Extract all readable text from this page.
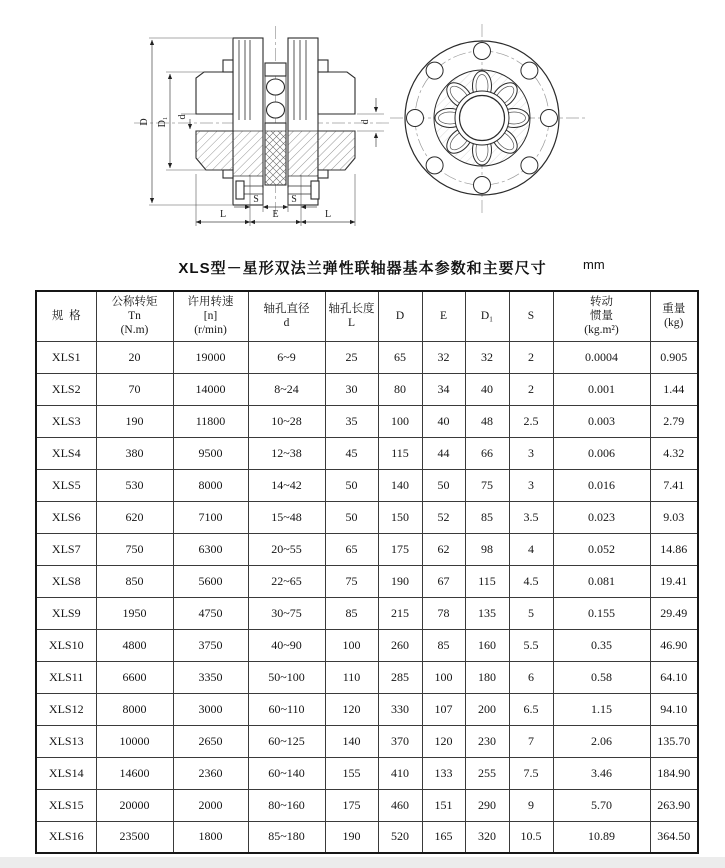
D D₁ d
d
S	S
L	E	L
XLS型－星形双法兰弹性联轴器基本参数和主要尺寸	mm
规  格

公称转矩
Tn
(N.m)

许用转速
[n]
(r/min)

轴孔直径
d

轴孔长度
L

D	E	D₁	S

转动
惯量
(kg.m²)

重量
(kg)

XLS1	20	19000	6~9	25	65	32	32	2	0.0004	0.905
XLS2	70	14000	8~24	30	80	34	40	2	0.001	1.44
XLS3	190	11800	10~28	35	100	40	48	2.5	0.003	2.79
XLS4	380	9500	12~38	45	115	44	66	3	0.006	4.32
XLS5	530	8000	14~42	50	140	50	75	3	0.016	7.41
XLS6	620	7100	15~48	50	150	52	85	3.5	0.023	9.03
XLS7	750	6300	20~55	65	175	62	98	4	0.052	14.86
XLS8	850	5600	22~65	75	190	67	115	4.5	0.081	19.41
XLS9	1950	4750	30~75	85	215	78	135	5	0.155	29.49
XLS10	4800	3750	40~90	100	260	85	160	5.5	0.35	46.90
XLS11	6600	3350	50~100	110	285	100	180	6	0.58	64.10
XLS12	8000	3000	60~110	120	330	107	200	6.5	1.15	94.10
XLS13	10000	2650	60~125	140	370	120	230	7	2.06	135.70
XLS14	14600	2360	60~140	155	410	133	255	7.5	3.46	184.90
XLS15	20000	2000	80~160	175	460	151	290	9	5.70	263.90
XLS16	23500	1800	85~180	190	520	165	320	10.5	10.89	364.50
